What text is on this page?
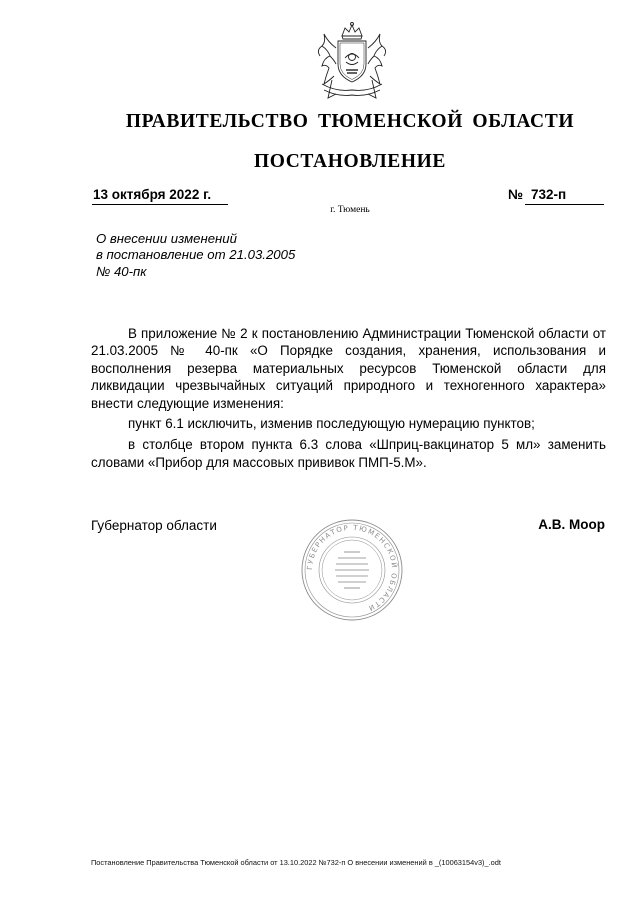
ПРАВИТЕЛЬСТВО ТЮМЕНСКОЙ ОБЛАСТИ
ПОСТАНОВЛЕНИЕ
13 октября 2022 г.	№ 732-п
г. Тюмень
О внесении изменений
в постановление от 21.03.2005
№ 40-пк

В приложение № 2 к постановлению Администрации Тюменской области от 21.03.2005 № 40-пк «О Порядке создания, хранения, использования и восполнения резерва материальных ресурсов Тюменской области для ликвидации чрезвычайных ситуаций природного и техногенного характера» внести следующие изменения:

пункт 6.1 исключить, изменив последующую нумерацию пунктов;

в столбце втором пункта 6.3 слова «Шприц-вакцинатор 5 мл» заменить словами «Прибор для массовых прививок ПМП-5.М».

Губернатор области	А.В. Моор
ГУБЕРНАТОР ТЮМЕНСКОЙ ОБЛАСТИ
Постановление Правительства Тюменской области от 13.10.2022 №732-п О внесении изменений в _(10063154v3)_.odt
